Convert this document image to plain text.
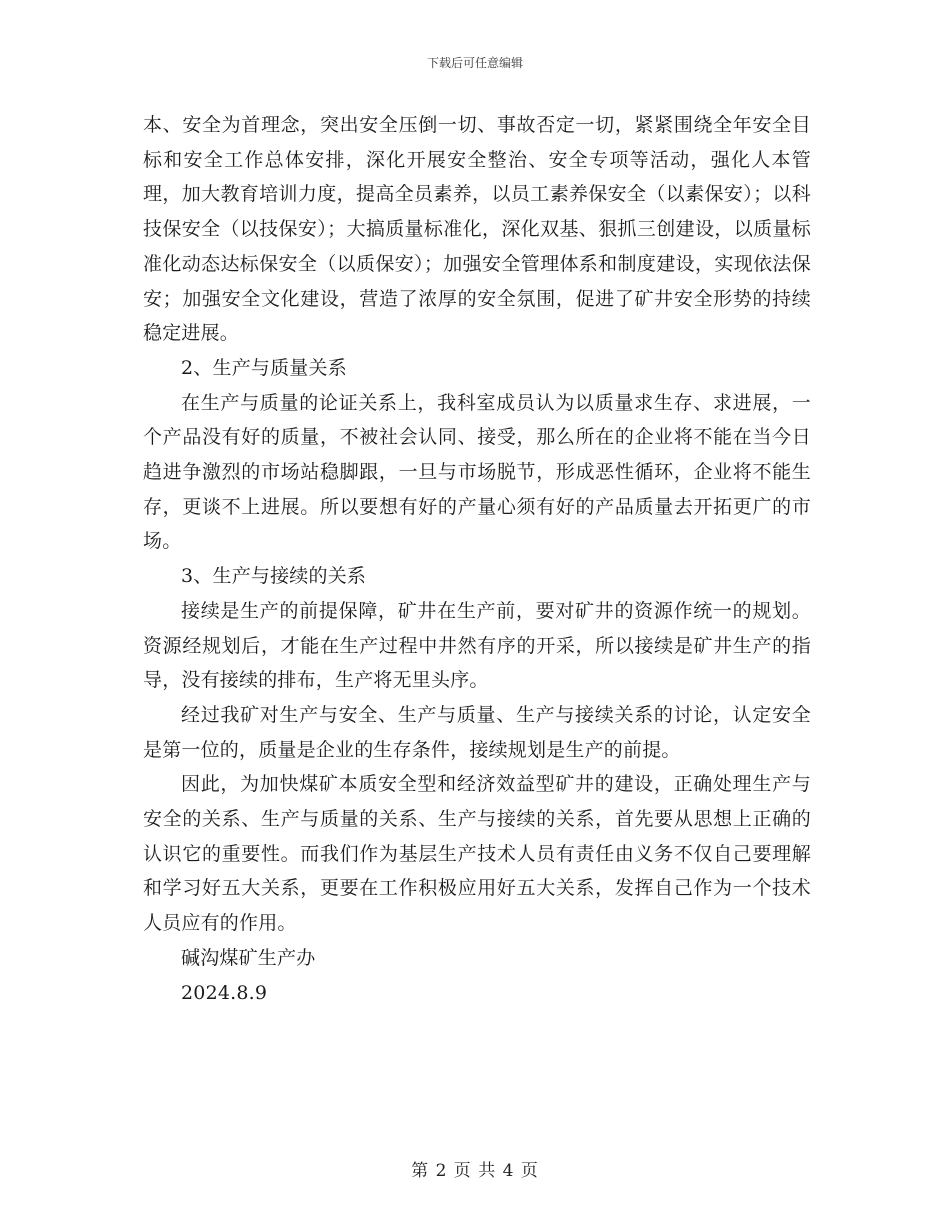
下载后可任意编辑

本、安全为首理念，突出安全压倒一切、事故否定一切，紧紧围绕全年安全目标和安全工作总体安排，深化开展安全整治、安全专项等活动，强化人本管理，加大教育培训力度，提高全员素养，以员工素养保安全（以素保安）；以科技保安全（以技保安）；大搞质量标准化，深化双基、狠抓三创建设，以质量标准化动态达标保安全（以质保安）；加强安全管理体系和制度建设，实现依法保安；加强安全文化建设，营造了浓厚的安全氛围，促进了矿井安全形势的持续稳定进展。

2、生产与质量关系

在生产与质量的论证关系上，我科室成员认为以质量求生存、求进展，一个产品没有好的质量，不被社会认同、接受，那么所在的企业将不能在当今日趋进争激烈的市场站稳脚跟，一旦与市场脱节，形成恶性循环，企业将不能生存，更谈不上进展。所以要想有好的产量心须有好的产品质量去开拓更广的市场。

3、生产与接续的关系

接续是生产的前提保障，矿井在生产前，要对矿井的资源作统一的规划。资源经规划后，才能在生产过程中井然有序的开采，所以接续是矿井生产的指导，没有接续的排布，生产将无里头序。

经过我矿对生产与安全、生产与质量、生产与接续关系的讨论，认定安全是第一位的，质量是企业的生存条件，接续规划是生产的前提。

因此，为加快煤矿本质安全型和经济效益型矿井的建设，正确处理生产与安全的关系、生产与质量的关系、生产与接续的关系，首先要从思想上正确的认识它的重要性。而我们作为基层生产技术人员有责任由义务不仅自己要理解和学习好五大关系，更要在工作积极应用好五大关系，发挥自己作为一个技术人员应有的作用。

碱沟煤矿生产办

2024.8.9

第 2 页 共 4 页
